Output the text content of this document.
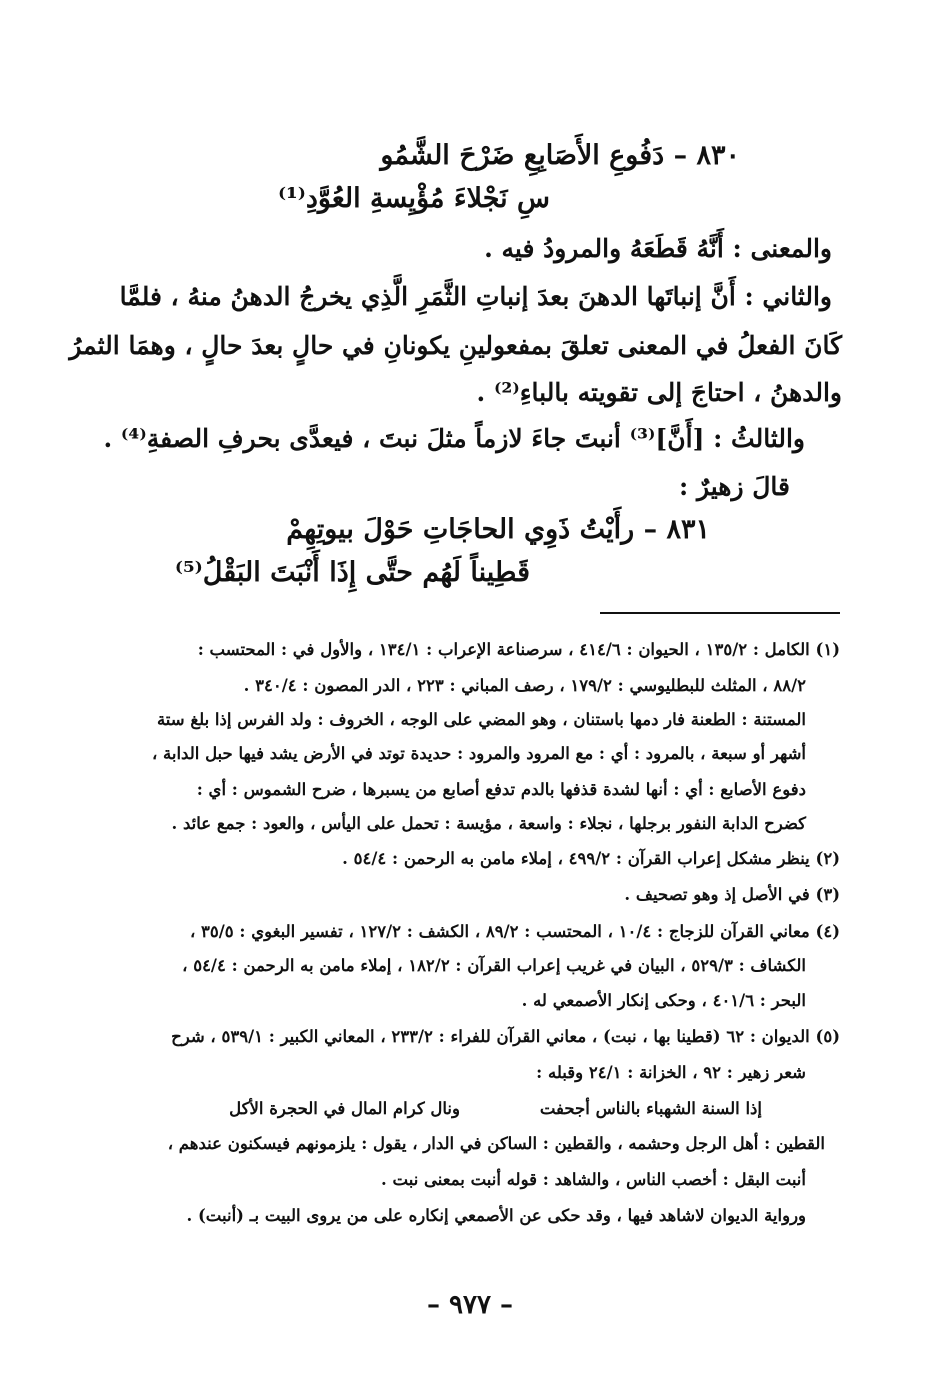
٨٣٠ – دَفُوعِ الأَصَابِعِ ضَرْحَ الشَّمُو
سِ نَجْلاءَ مُؤْيِسةِ العُوَّدِ⁽¹⁾
والمعنى : أَنَّهُ قَطَعَهُ والمرودُ فيه .
والثاني : أَنَّ إنباتَها الدهنَ بعدَ إنباتِ الثَّمَرِ الَّذِي يخرجُ الدهنُ منهُ ، فلمَّا
كَانَ الفعلُ في المعنى تعلقَ بمفعولينِ يكونانِ في حالٍ بعدَ حالٍ ، وهمَا الثمرُ
والدهنُ ، احتاجَ إلى تقويته بالباءِ⁽²⁾ .
والثالثُ : [أَنَّ]⁽³⁾ أنبتَ جاءَ لازماً مثلَ نبتَ ، فيعدَّى بحرفِ الصفةِ⁽⁴⁾ .
قالَ زهيرٌ :
٨٣١ – رأَيْتُ ذَوِي الحاجَاتِ حَوْلَ بيوتِهِمْ
قَطِيناً لَهُم حتَّى إِذَا أَنْبَتَ البَقْلُ⁽⁵⁾
(١) الكامل : ١٣٥/٢ ، الحيوان : ٤١٤/٦ ، سرصناعة الإعراب : ١٣٤/١ ، والأول في : المحتسب :
٨٨/٢ ، المثلث للبطليوسي : ١٧٩/٢ ، رصف المباني : ٢٢٣ ، الدر المصون : ٣٤٠/٤ .
المستنة : الطعنة فار دمها باستنان ، وهو المضي على الوجه ، الخروف : ولد الفرس إذا بلغ ستة
أشهر أو سبعة ، بالمرود : أي : مع المرود والمرود : حديدة توتد في الأرض يشد فيها حبل الدابة ،
دفوع الأصابع : أي : أنها لشدة قذفها بالدم تدفع أصابع من يسبرها ، ضرح الشموس : أي :
كضرح الدابة النفور برجلها ، نجلاء : واسعة ، مؤيسة : تحمل على اليأس ، والعود : جمع عائد .
(٢) ينظر مشكل إعراب القرآن : ٤٩٩/٢ ، إملاء مامن به الرحمن : ٥٤/٤ .
(٣) في الأصل إذ وهو تصحيف .
(٤) معاني القرآن للزجاج : ١٠/٤ ، المحتسب : ٨٩/٢ ، الكشف : ١٢٧/٢ ، تفسير البغوي : ٣٥/٥ ،
الكشاف : ٥٢٩/٣ ، البيان في غريب إعراب القرآن : ١٨٢/٢ ، إملاء مامن به الرحمن : ٥٤/٤ ،
البحر : ٤٠١/٦ ، وحكى إنكار الأصمعي له .
(٥) الديوان : ٦٢ (قطينا بها ، نبت) ، معاني القرآن للفراء : ٢٣٣/٢ ، المعاني الكبير : ٥٣٩/١ ، شرح
شعر زهير : ٩٢ ، الخزانة : ٢٤/١ وقبله :
إذا السنة الشهباء بالناس أجحفت
ونال كرام المال في الحجرة الأكل
القطين : أهل الرجل وحشمه ، والقطين : الساكن في الدار ، يقول : يلزمونهم فيسكنون عندهم ،
أنبت البقل : أخصب الناس ، والشاهد : قوله أنبت بمعنى نبت .
ورواية الديوان لاشاهد فيها ، وقد حكى عن الأصمعي إنكاره على من يروى البيت بـ (أنبت) .
– ٩٧٧ –
